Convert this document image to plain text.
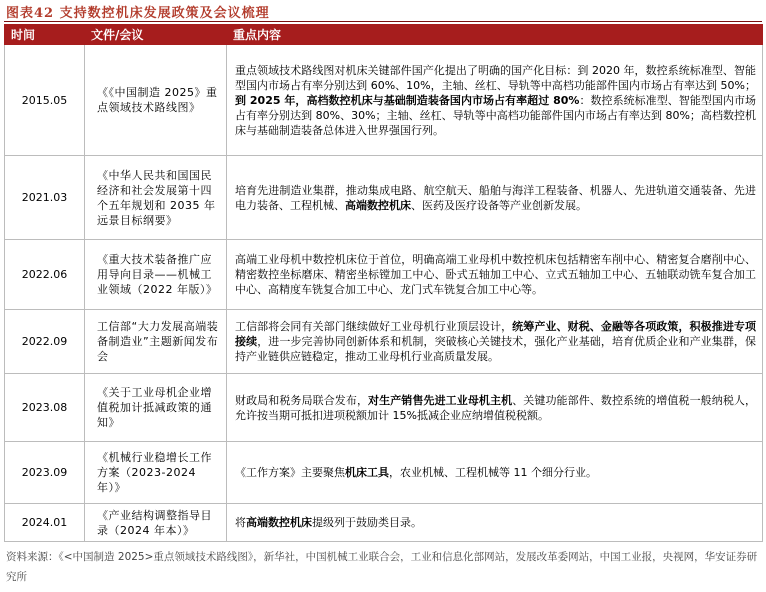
图表42 支持数控机床发展政策及会议梳理
时间	文件/会议	重点内容
2015.05	《《中国制造 2025》重点领域技术路线图》	重点领域技术路线图对机床关键部件国产化提出了明确的国产化目标：到 2020 年，数控系统标准型、智能型国内市场占有率分别达到 60%、10%，主轴、丝杠、导轨等中高档功能部件国内市场占有率达到 50%；到 2025 年，高档数控机床与基础制造装备国内市场占有率超过 80%：数控系统标准型、智能型国内市场占有率分别达到 80%、30%；主轴、丝杠、导轨等中高档功能部件国内市场占有率达到 80%；高档数控机床与基础制造装备总体进入世界强国行列。
2021.03	《中华人民共和国国民经济和社会发展第十四个五年规划和 2035 年远景目标纲要》	培育先进制造业集群，推动集成电路、航空航天、船舶与海洋工程装备、机器人、先进轨道交通装备、先进电力装备、工程机械、高端数控机床、医药及医疗设备等产业创新发展。
2022.06	《重大技术装备推广应用导向目录——机械工业领域（2022 年版）》	高端工业母机中数控机床位于首位，明确高端工业母机中数控机床包括精密车削中心、精密复合磨削中心、精密数控坐标磨床、精密坐标镗加工中心、卧式五轴加工中心、立式五轴加工中心、五轴联动铣车复合加工中心、高精度车铣复合加工中心、龙门式车铣复合加工中心等。
2022.09	工信部“大力发展高端装备制造业”主题新闻发布会	工信部将会同有关部门继续做好工业母机行业顶层设计，统筹产业、财税、金融等各项政策，积极推进专项接续，进一步完善协同创新体系和机制，突破核心关键技术，强化产业基础，培育优质企业和产业集群，保持产业链供应链稳定，推动工业母机行业高质量发展。
2023.08	《关于工业母机企业增值税加计抵减政策的通知》	财政局和税务局联合发布，对生产销售先进工业母机主机、关键功能部件、数控系统的增值税一般纳税人，允许按当期可抵扣进项税额加计 15%抵减企业应纳增值税税额。
2023.09	《机械行业稳增长工作方案（2023-2024 年）》	《工作方案》主要聚焦机床工具，农业机械、工程机械等 11 个细分行业。
2024.01	《产业结构调整指导目录（2024 年本）》	将高端数控机床提级列于鼓励类目录。
资料来源：《<中国制造 2025>重点领域技术路线图》，新华社，中国机械工业联合会，工业和信息化部网站，发展改革委网站，中国工业报，央视网，华安证券研究所
